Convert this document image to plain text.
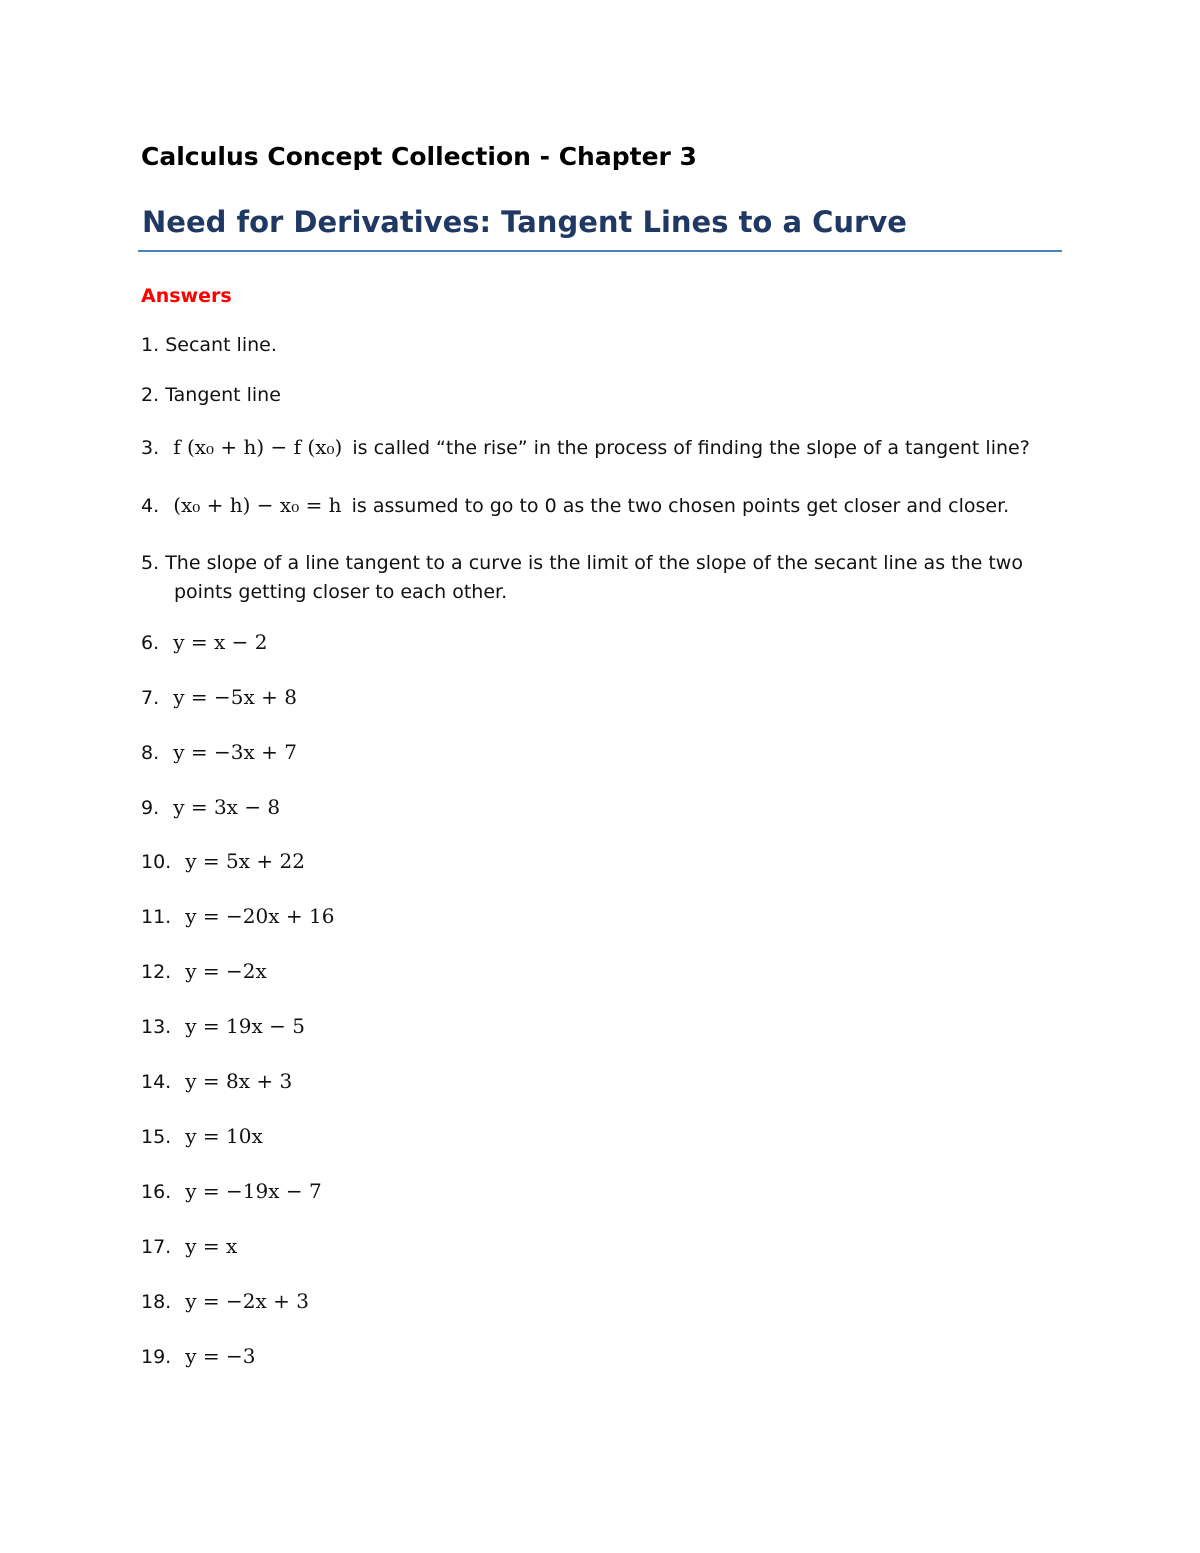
Calculus Concept Collection - Chapter 3
Need for Derivatives: Tangent Lines to a Curve
Answers
1. Secant line.
2. Tangent line
3. f (x₀ + h) − f (x₀) is called “the rise” in the process of finding the slope of a tangent line?
4. (x₀ + h) − x₀ = h is assumed to go to 0 as the two chosen points get closer and closer.
5. The slope of a line tangent to a curve is the limit of the slope of the secant line as the two
points getting closer to each other.
6. y = x − 2
7. y = −5x + 8
8. y = −3x + 7
9. y = 3x − 8
10. y = 5x + 22
11. y = −20x + 16
12. y = −2x
13. y = 19x − 5
14. y = 8x + 3
15. y = 10x
16. y = −19x − 7
17. y = x
18. y = −2x + 3
19. y = −3
